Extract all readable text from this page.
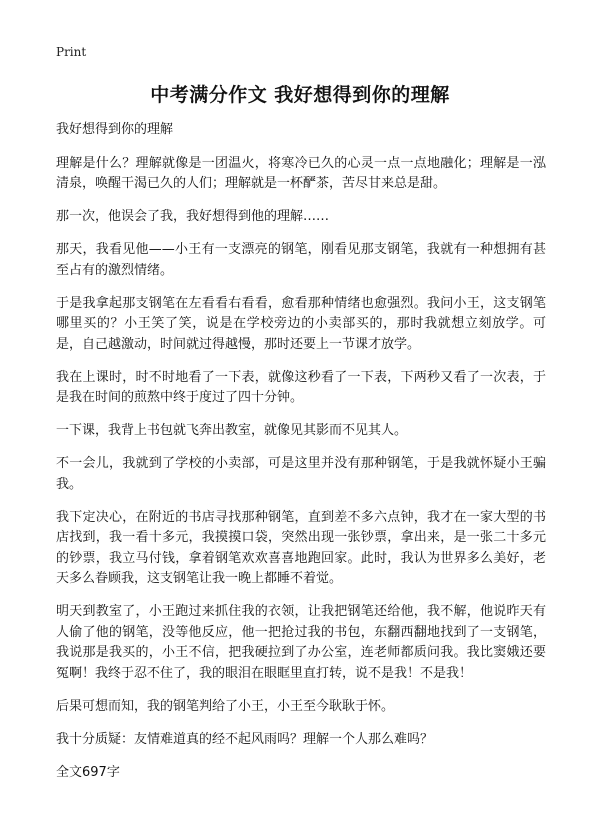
Print
中考满分作文 我好想得到你的理解

我好想得到你的理解

理解是什么？理解就像是一团温火，将寒冷已久的心灵一点一点地融化；理解是一泓清泉，唤醒干渴已久的人们；理解就是一杯酽茶，苦尽甘来总是甜。

那一次，他误会了我，我好想得到他的理解……

那天，我看见他——小王有一支漂亮的钢笔，刚看见那支钢笔，我就有一种想拥有甚至占有的激烈情绪。

于是我拿起那支钢笔在左看看右看看，愈看那种情绪也愈强烈。我问小王，这支钢笔哪里买的？小王笑了笑，说是在学校旁边的小卖部买的，那时我就想立刻放学。可是，自己越激动，时间就过得越慢，那时还要上一节课才放学。

我在上课时，时不时地看了一下表，就像这秒看了一下表，下两秒又看了一次表，于是我在时间的煎熬中终于度过了四十分钟。

一下课，我背上书包就飞奔出教室，就像见其影而不见其人。

不一会儿，我就到了学校的小卖部，可是这里并没有那种钢笔，于是我就怀疑小王骗我。

我下定决心，在附近的书店寻找那种钢笔，直到差不多六点钟，我才在一家大型的书店找到，我一看十多元，我摸摸口袋，突然出现一张钞票，拿出来，是一张二十多元的钞票，我立马付钱，拿着钢笔欢欢喜喜地跑回家。此时，我认为世界多么美好，老天多么眷顾我，这支钢笔让我一晚上都睡不着觉。

明天到教室了，小王跑过来抓住我的衣领，让我把钢笔还给他，我不解，他说昨天有人偷了他的钢笔，没等他反应，他一把抢过我的书包，东翻西翻地找到了一支钢笔，我说那是我买的，小王不信，把我硬拉到了办公室，连老师都质问我。我比窦娥还要冤啊！我终于忍不住了，我的眼泪在眼眶里直打转，说不是我！不是我！

后果可想而知，我的钢笔判给了小王，小王至今耿耿于怀。

我十分质疑：友情难道真的经不起风雨吗？理解一个人那么难吗？

全文697字
